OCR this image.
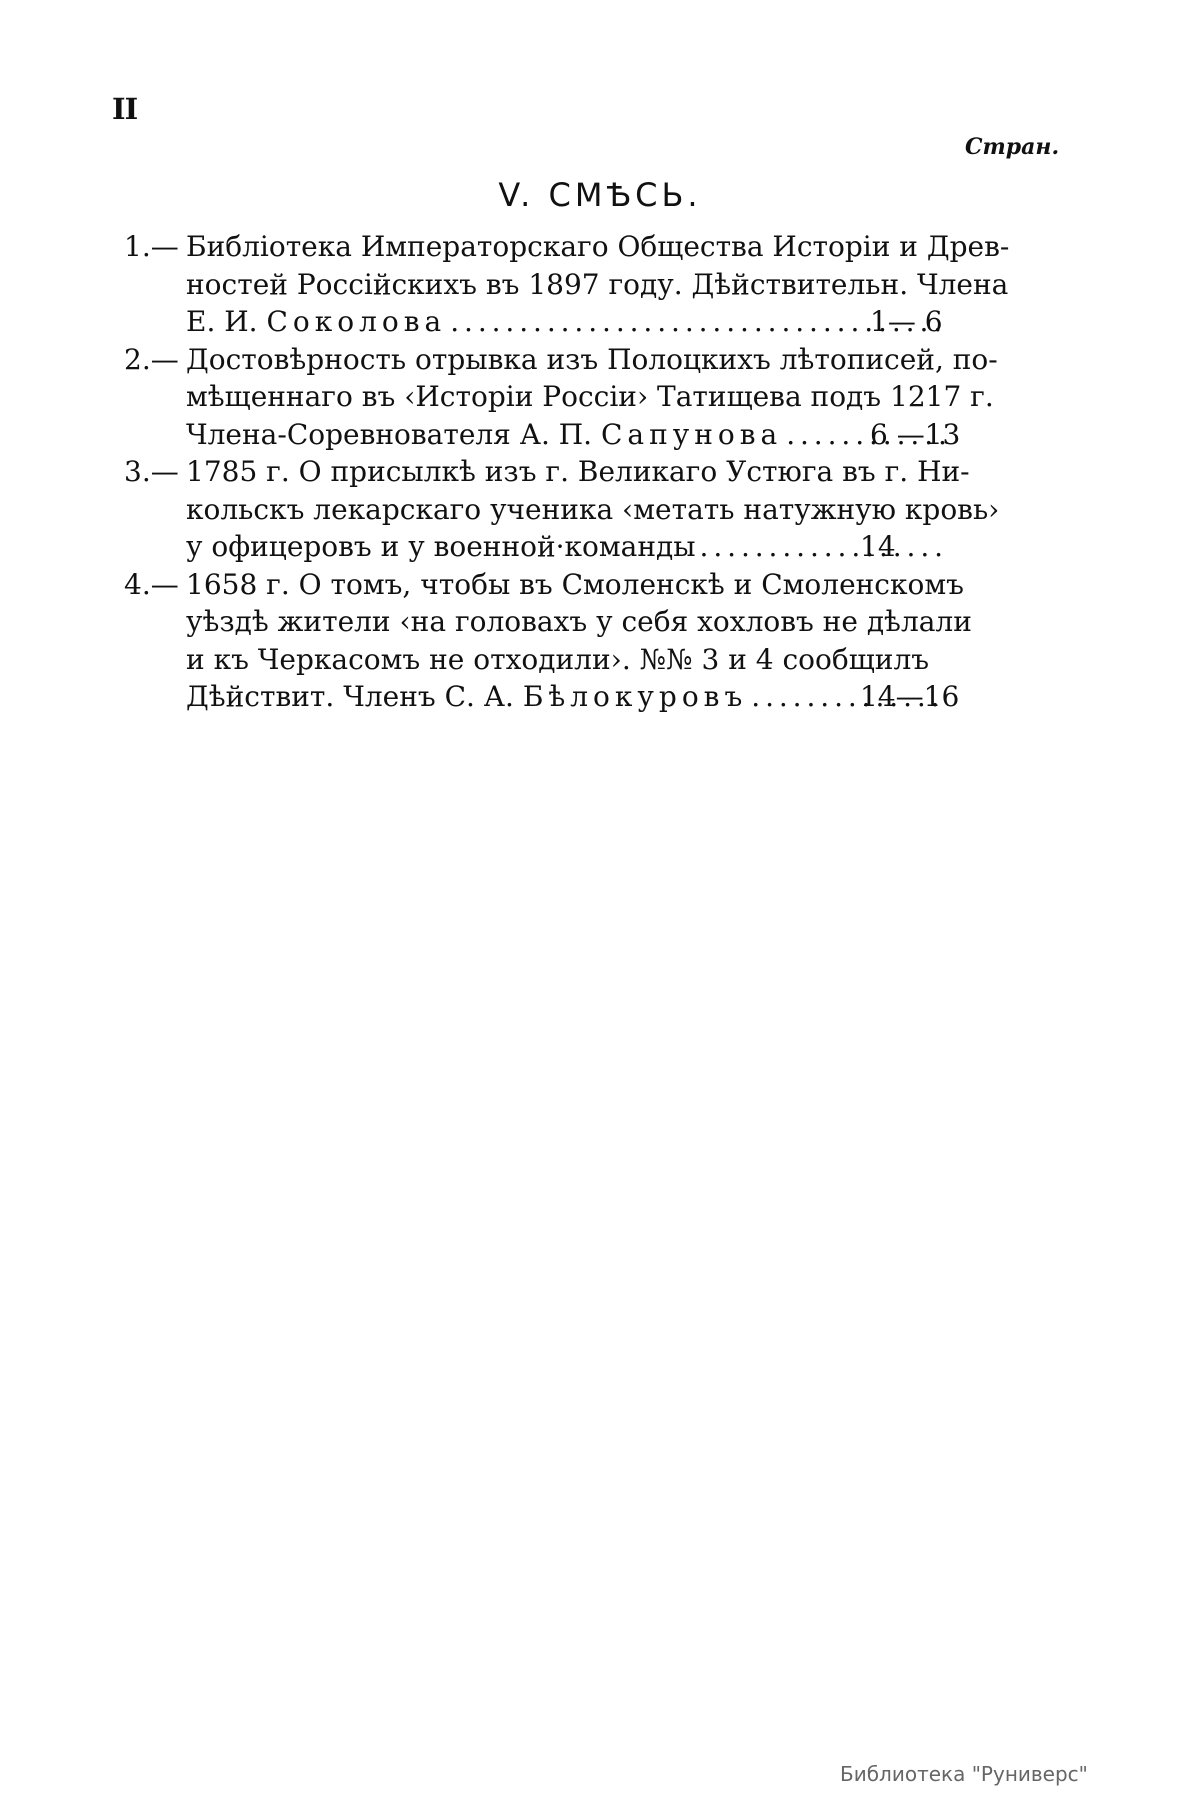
II
Стран.
V. СМѢСЬ.
1.— Библіотека Императорскаго Общества Исторіи и Древ-
ностей Россійскихъ въ 1897 году. Дѣйствительн. Члена
Е. И. Соколова . . .	1— 6
2.— Достовѣрность отрывка изъ Полоцкихъ лѣтописей, по-
мѣщеннаго въ ‹Исторіи Россіи› Татищева подъ 1217 г.
Члена-Соревнователя А. П. Сапунова . . .	6 —13
3.— 1785 г. О присылкѣ изъ г. Великаго Устюга въ г. Ни-
кольскъ лекарскаго ученика ‹метать натужную кровь›
у офицеровъ и у военной·команды . . .	14
4.— 1658 г. О томъ, чтобы въ Смоленскѣ и Смоленскомъ
уѣздѣ жители ‹на головахъ у себя хохловъ не дѣлали
и къ Черкасомъ не отходили›. №№ 3 и 4 сообщилъ
Дѣйствит. Членъ С. А. Бѣлокуровъ . . .	14—16
Библиотека "Руниверс"
